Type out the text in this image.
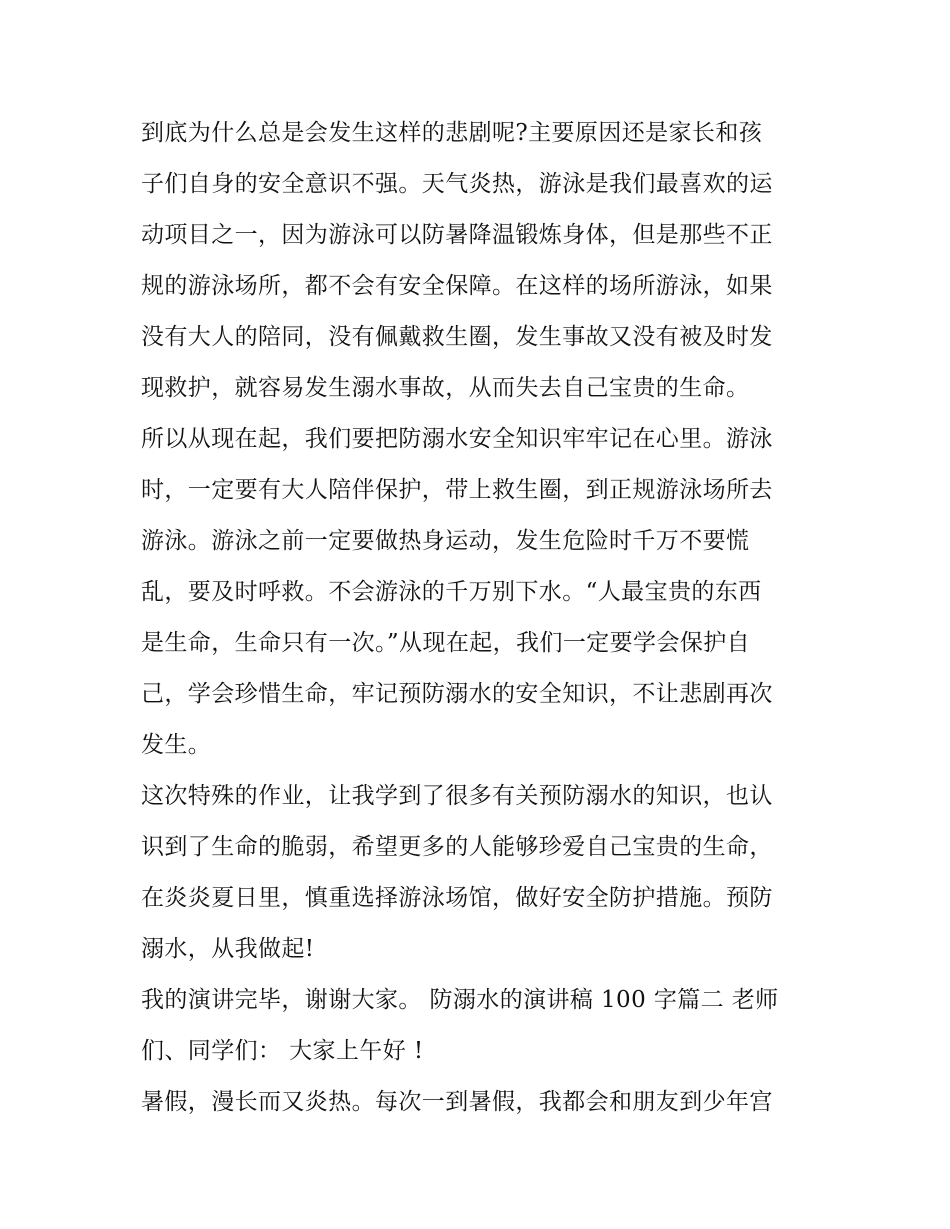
到底为什么总是会发生这样的悲剧呢?主要原因还是家长和孩
子们自身的安全意识不强。天气炎热，游泳是我们最喜欢的运
动项目之一，因为游泳可以防暑降温锻炼身体，但是那些不正
规的游泳场所，都不会有安全保障。在这样的场所游泳，如果
没有大人的陪同，没有佩戴救生圈，发生事故又没有被及时发
现救护，就容易发生溺水事故，从而失去自己宝贵的生命。
所以从现在起，我们要把防溺水安全知识牢牢记在心里。游泳
时，一定要有大人陪伴保护，带上救生圈，到正规游泳场所去
游泳。游泳之前一定要做热身运动，发生危险时千万不要慌
乱，要及时呼救。不会游泳的千万别下水。“人最宝贵的东西
是生命，生命只有一次。”从现在起，我们一定要学会保护自
己，学会珍惜生命，牢记预防溺水的安全知识，不让悲剧再次
发生。
这次特殊的作业，让我学到了很多有关预防溺水的知识，也认
识到了生命的脆弱，希望更多的人能够珍爱自己宝贵的生命，
在炎炎夏日里，慎重选择游泳场馆，做好安全防护措施。预防
溺水，从我做起!
我的演讲完毕，谢谢大家。 防溺水的演讲稿 100 字篇二 老师
们、同学们： 大家上午好 !
暑假，漫长而又炎热。每次一到暑假，我都会和朋友到少年宫
